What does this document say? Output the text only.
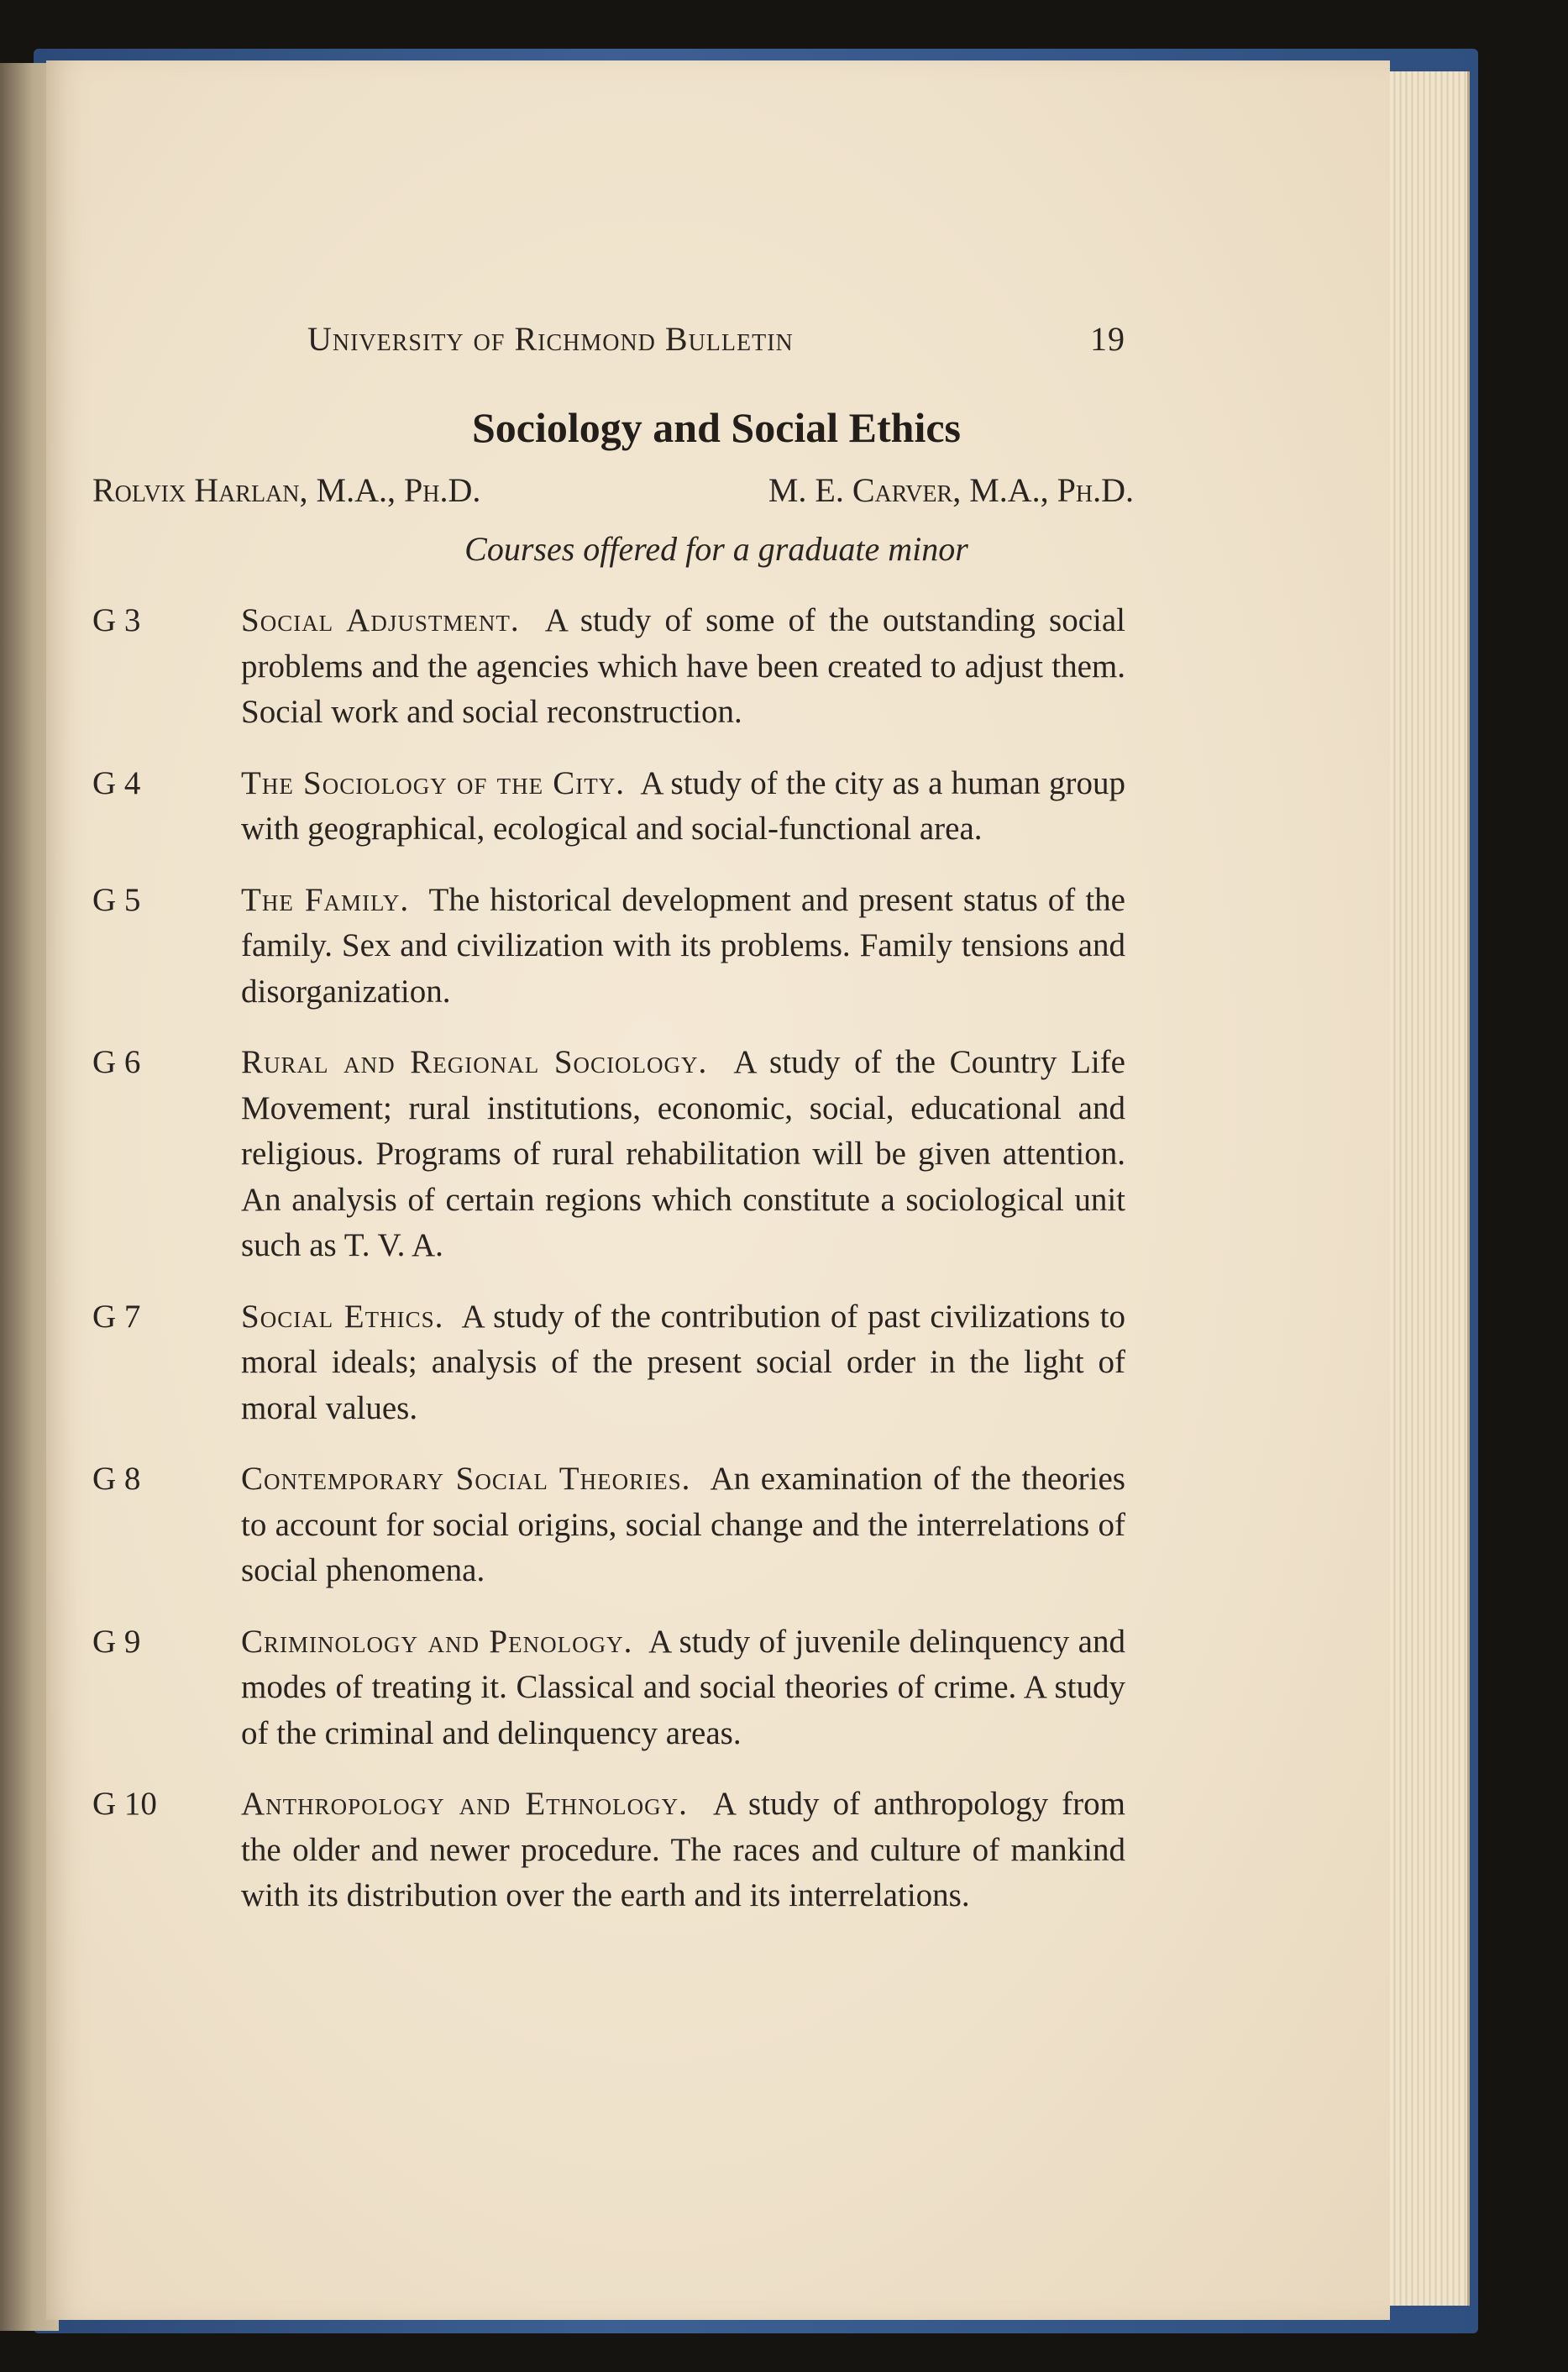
University of Richmond Bulletin	19
Sociology and Social Ethics
Rolvix Harlan, M.A., Ph.D.	M. E. Carver, M.A., Ph.D.
Courses offered for a graduate minor
G 3	Social Adjustment. A study of some of the outstanding social problems and the agencies which have been created to adjust them. Social work and social reconstruction.
G 4	The Sociology of the City. A study of the city as a human group with geographical, ecological and social-functional area.
G 5	The Family. The historical development and present status of the family. Sex and civilization with its problems. Family tensions and disorganization.
G 6	Rural and Regional Sociology. A study of the Country Life Movement; rural institutions, economic, social, educational and religious. Programs of rural rehabilitation will be given attention. An analysis of certain regions which constitute a sociological unit such as T. V. A.
G 7	Social Ethics. A study of the contribution of past civilizations to moral ideals; analysis of the present social order in the light of moral values.
G 8	Contemporary Social Theories. An examination of the theories to account for social origins, social change and the interrelations of social phenomena.
G 9	Criminology and Penology. A study of juvenile delinquency and modes of treating it. Classical and social theories of crime. A study of the criminal and delinquency areas.
G 10	Anthropology and Ethnology. A study of anthropology from the older and newer procedure. The races and culture of mankind with its distribution over the earth and its interrelations.
